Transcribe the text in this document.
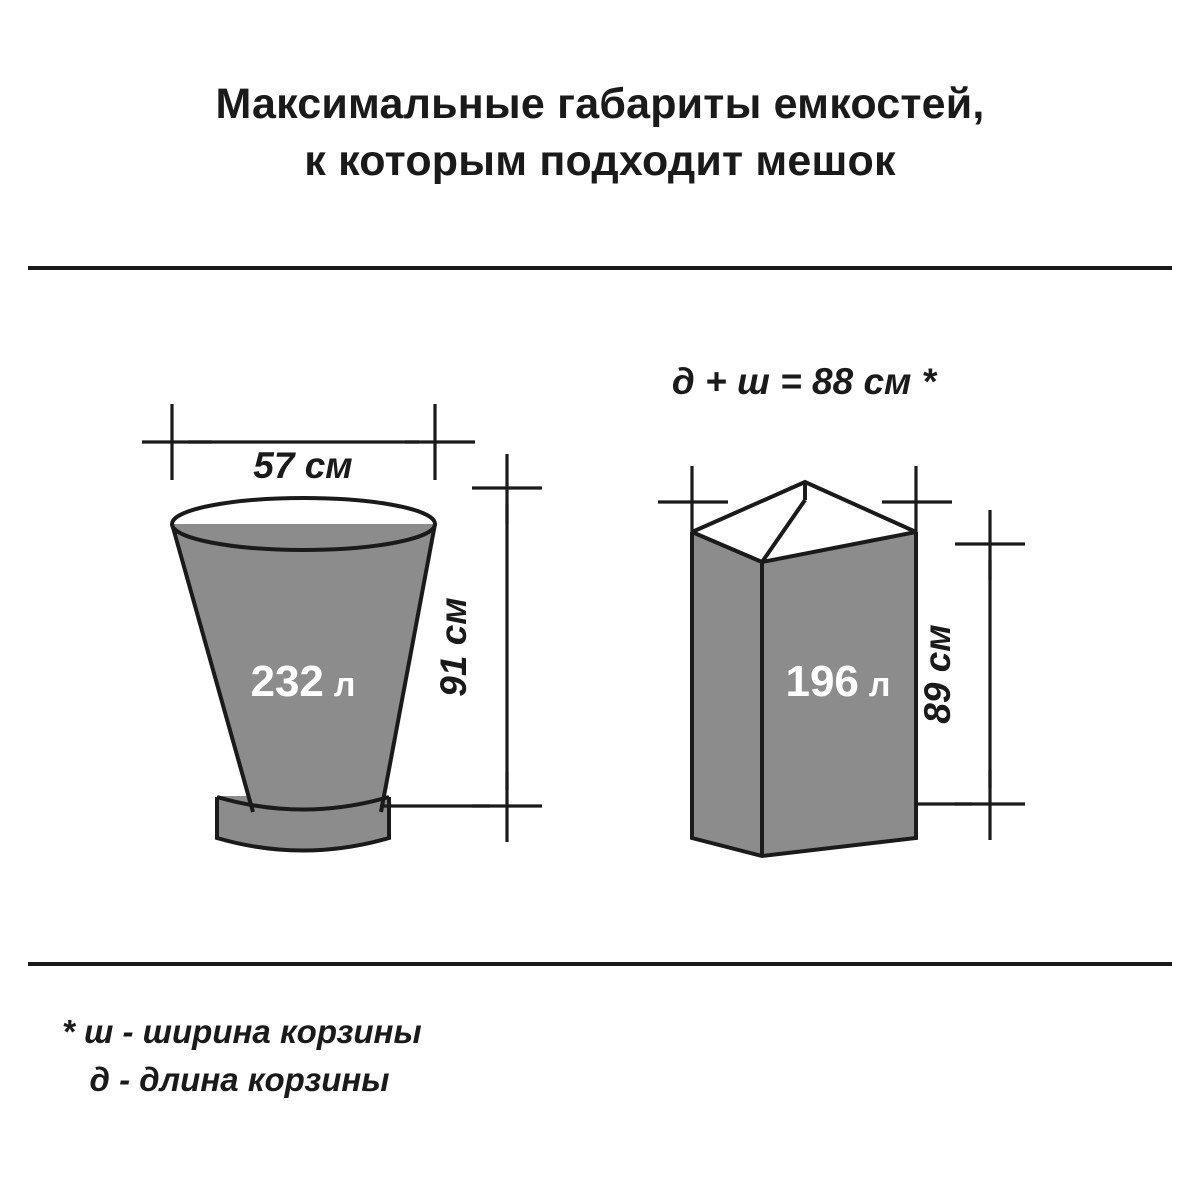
Максимальные габариты емкостей,
к которым подходит мешок
57 см
91 см
232 л
д + ш = 88 см *
89 см
196 л
* ш - ширина корзины
д - длина корзины
